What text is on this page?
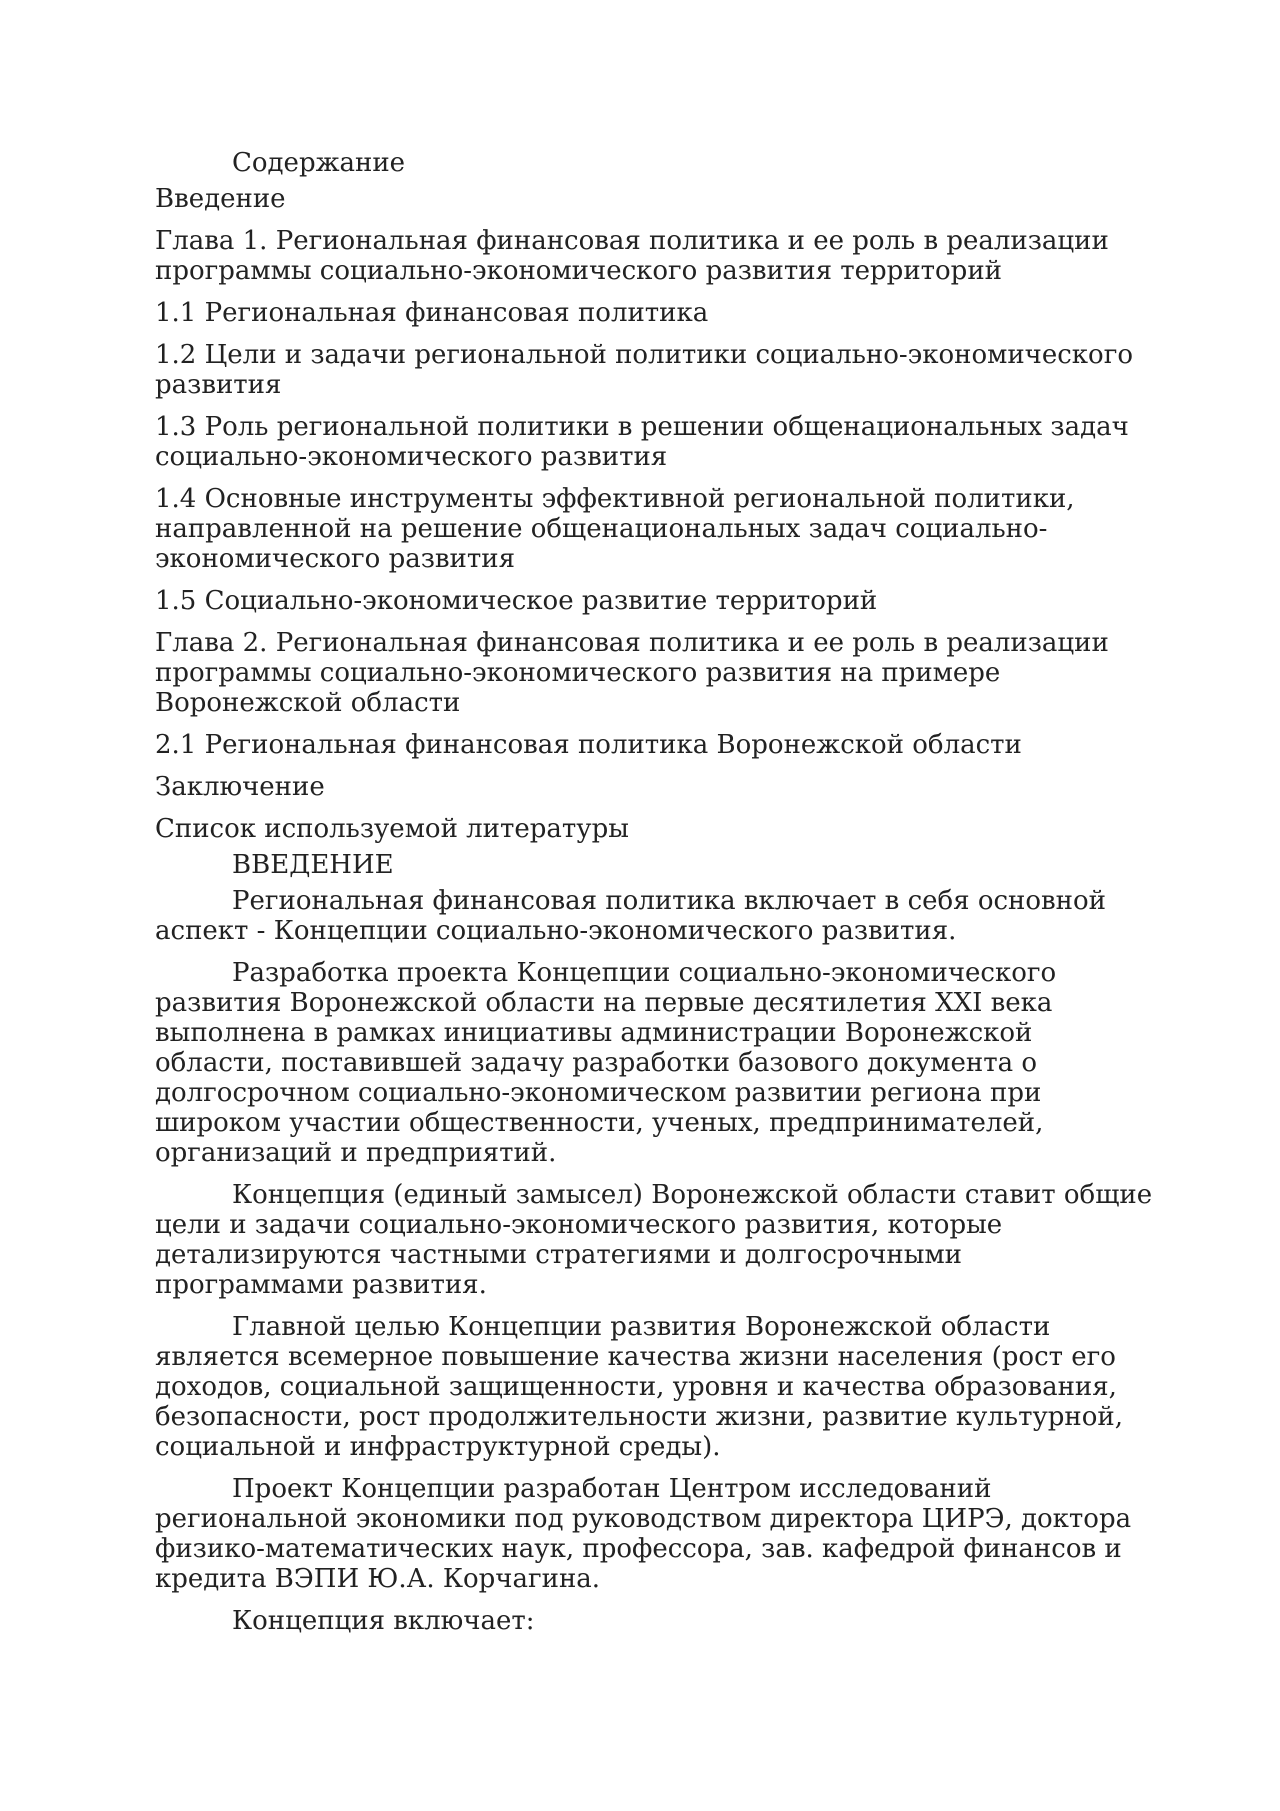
Содержание
Введение
Глава 1. Региональная финансовая политика и ее роль в реализации программы социально-экономического развития территорий
1.1 Региональная финансовая политика
1.2 Цели и задачи региональной политики социально-экономического развития
1.3 Роль региональной политики в решении общенациональных задач социально-экономического развития
1.4 Основные инструменты эффективной региональной политики, направленной на решение общенациональных задач социально-экономического развития
1.5 Социально-экономическое развитие территорий
Глава 2. Региональная финансовая политика и ее роль в реализации программы социально-экономического развития на примере Воронежской области
2.1 Региональная финансовая политика Воронежской области
Заключение
Список используемой литературы
ВВЕДЕНИЕ

Региональная финансовая политика включает в себя основной аспект - Концепции социально-экономического развития.

Разработка проекта Концепции социально-экономического развития Воронежской области на первые десятилетия XXI века выполнена в рамках инициативы администрации Воронежской области, поставившей задачу разработки базового документа о долгосрочном социально-экономическом развитии региона при широком участии общественности, ученых, предпринимателей, организаций и предприятий.

Концепция (единый замысел) Воронежской области ставит общие цели и задачи социально-экономического развития, которые детализируются частными стратегиями и долгосрочными программами развития.

Главной целью Концепции развития Воронежской области является всемерное повышение качества жизни населения (рост его доходов, социальной защищенности, уровня и качества образования, безопасности, рост продолжительности жизни, развитие культурной, социальной и инфраструктурной среды).

Проект Концепции разработан Центром исследований региональной экономики под руководством директора ЦИРЭ, доктора физико-математических наук, профессора, зав. кафедрой финансов и кредита ВЭПИ Ю.А. Корчагина.

Концепция включает:
